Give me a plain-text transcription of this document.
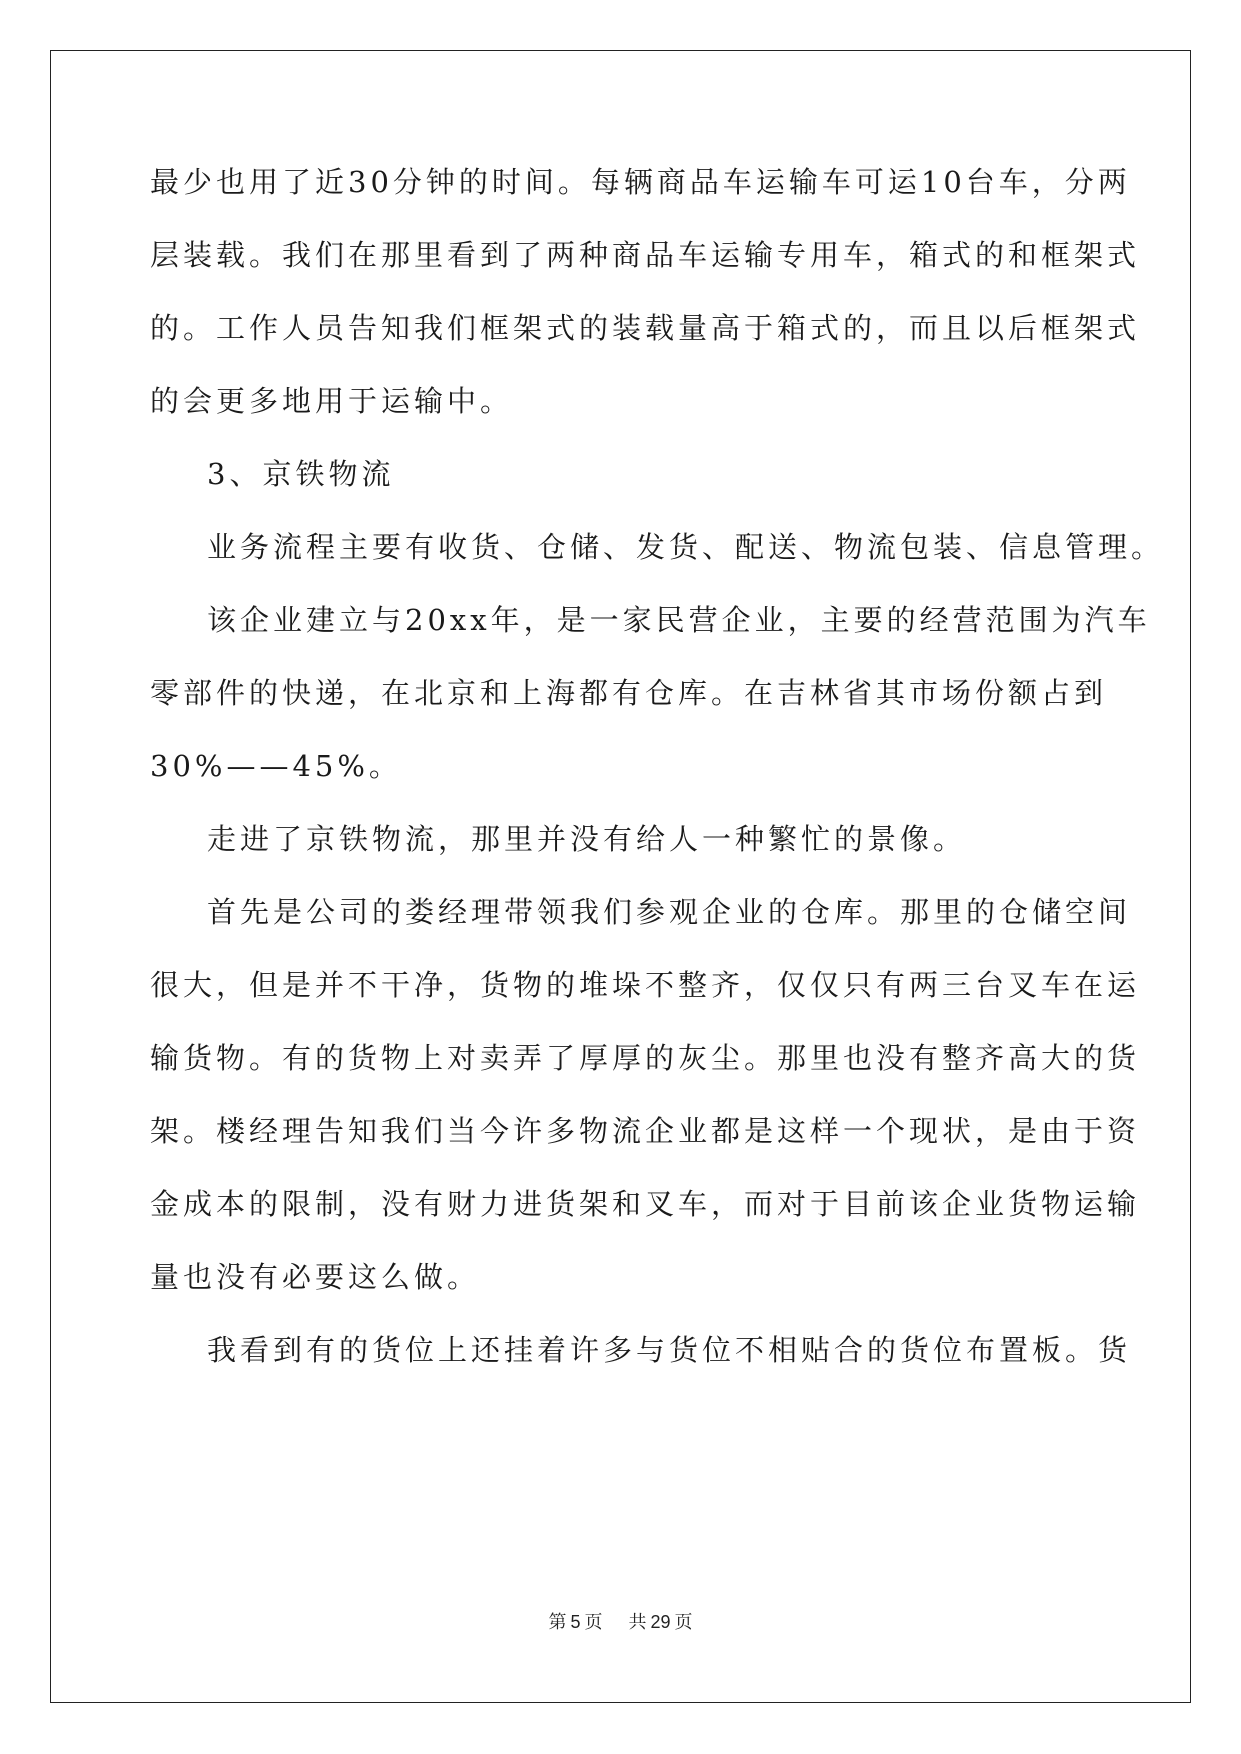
最少也用了近30分钟的时间。每辆商品车运输车可运10台车，分两
层装载。我们在那里看到了两种商品车运输专用车，箱式的和框架式
的。工作人员告知我们框架式的装载量高于箱式的，而且以后框架式
的会更多地用于运输中。
3、京铁物流
业务流程主要有收货、仓储、发货、配送、物流包装、信息管理。
该企业建立与20xx年，是一家民营企业，主要的经营范围为汽车
零部件的快递，在北京和上海都有仓库。在吉林省其市场份额占到
30%——45%。
走进了京铁物流，那里并没有给人一种繁忙的景像。
首先是公司的娄经理带领我们参观企业的仓库。那里的仓储空间
很大，但是并不干净，货物的堆垛不整齐，仅仅只有两三台叉车在运
输货物。有的货物上对卖弄了厚厚的灰尘。那里也没有整齐高大的货
架。楼经理告知我们当今许多物流企业都是这样一个现状，是由于资
金成本的限制，没有财力进货架和叉车，而对于目前该企业货物运输
量也没有必要这么做。
我看到有的货位上还挂着许多与货位不相贴合的货位布置板。货
第 5 页 共 29 页
